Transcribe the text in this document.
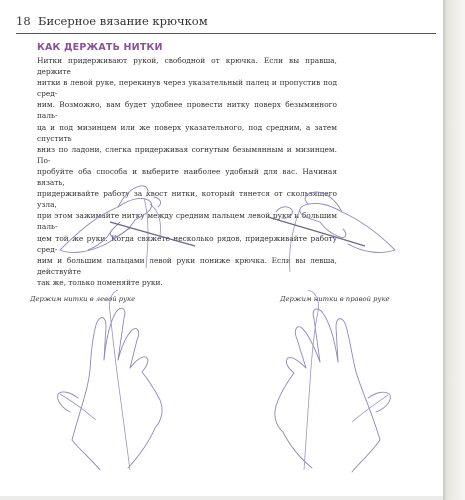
18 Бисерное вязание крючком
КАК ДЕРЖАТЬ НИТКИ
Нитки придерживают рукой, свободной от крючка. Если вы правша, держите
нитки в левой руке, перекинув через указательный палец и пропустив под сред-
ним. Возможно, вам будет удобнее провести нитку поверх безымянного паль-
ца и под мизинцем или же поверх указательного, под средним, а затем спустить
вниз по ладони, слегка придерживая согнутым безымянным и мизинцем. По-
пробуйте оба способа и выберите наиболее удобный для вас. Начиная вязать,
придерживайте работу за хвост нитки, который тянется от скользящего узла,
при этом зажимайте нитку между средним пальцем левой руки и большим паль-
цем той же руки. Когда свяжете несколько рядов, придерживайте работу сред-
ним и большим пальцами левой руки пониже крючка. Если вы левша, действуйте
так же, только поменяйте руки.
Держим нитки в левой руке	Держим нитки в правой руке
